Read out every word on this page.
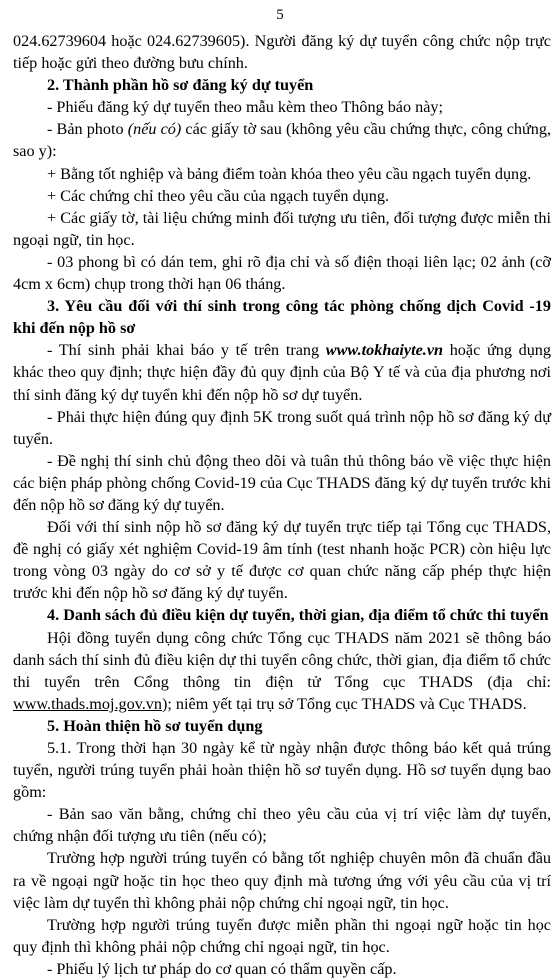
5

024.62739604 hoặc 024.62739605). Người đăng ký dự tuyển công chức nộp trực tiếp hoặc gửi theo đường bưu chính.

2. Thành phần hồ sơ đăng ký dự tuyển

- Phiếu đăng ký dự tuyển theo mẫu kèm theo Thông báo này;

- Bản photo (nếu có) các giấy tờ sau (không yêu cầu chứng thực, công chứng, sao y):

+ Bằng tốt nghiệp và bảng điểm toàn khóa theo yêu cầu ngạch tuyển dụng.

+ Các chứng chỉ theo yêu cầu của ngạch tuyển dụng.

+ Các giấy tờ, tài liệu chứng minh đối tượng ưu tiên, đối tượng được miễn thi ngoại ngữ, tin học.

- 03 phong bì có dán tem, ghi rõ địa chỉ và số điện thoại liên lạc; 02 ảnh (cỡ 4cm x 6cm) chụp trong thời hạn 06 tháng.

3. Yêu cầu đối với thí sinh trong công tác phòng chống dịch Covid -19 khi đến nộp hồ sơ

- Thí sinh phải khai báo y tế trên trang www.tokhaiyte.vn hoặc ứng dụng khác theo quy định; thực hiện đầy đủ quy định của Bộ Y tế và của địa phương nơi thí sinh đăng ký dự tuyển khi đến nộp hồ sơ dự tuyển.

- Phải thực hiện đúng quy định 5K trong suốt quá trình nộp hồ sơ đăng ký dự tuyển.

- Đề nghị thí sinh chủ động theo dõi và tuân thủ thông báo về việc thực hiện các biện pháp phòng chống Covid-19 của Cục THADS đăng ký dự tuyển trước khi đến nộp hồ sơ đăng ký dự tuyển.

Đối với thí sinh nộp hồ sơ đăng ký dự tuyển trực tiếp tại Tổng cục THADS, đề nghị có giấy xét nghiệm Covid-19 âm tính (test nhanh hoặc PCR) còn hiệu lực trong vòng 03 ngày do cơ sở y tế được cơ quan chức năng cấp phép thực hiện trước khi đến nộp hồ sơ đăng ký dự tuyển.

4. Danh sách đủ điều kiện dự tuyển, thời gian, địa điểm tổ chức thi tuyển

Hội đồng tuyển dụng công chức Tổng cục THADS năm 2021 sẽ thông báo danh sách thí sinh đủ điều kiện dự thi tuyển công chức, thời gian, địa điểm tổ chức thi tuyển trên Cổng thông tin điện tử Tổng cục THADS (địa chỉ: www.thads.moj.gov.vn); niêm yết tại trụ sở Tổng cục THADS và Cục THADS.

5. Hoàn thiện hồ sơ tuyển dụng

5.1. Trong thời hạn 30 ngày kể từ ngày nhận được thông báo kết quả trúng tuyển, người trúng tuyển phải hoàn thiện hồ sơ tuyển dụng. Hồ sơ tuyển dụng bao gồm:

- Bản sao văn bằng, chứng chỉ theo yêu cầu của vị trí việc làm dự tuyển, chứng nhận đối tượng ưu tiên (nếu có);

Trường hợp người trúng tuyển có bằng tốt nghiệp chuyên môn đã chuẩn đầu ra về ngoại ngữ hoặc tin học theo quy định mà tương ứng với yêu cầu của vị trí việc làm dự tuyển thì không phải nộp chứng chỉ ngoại ngữ, tin học.

Trường hợp người trúng tuyển được miễn phần thi ngoại ngữ hoặc tin học quy định thì không phải nộp chứng chỉ ngoại ngữ, tin học.

- Phiếu lý lịch tư pháp do cơ quan có thẩm quyền cấp.
